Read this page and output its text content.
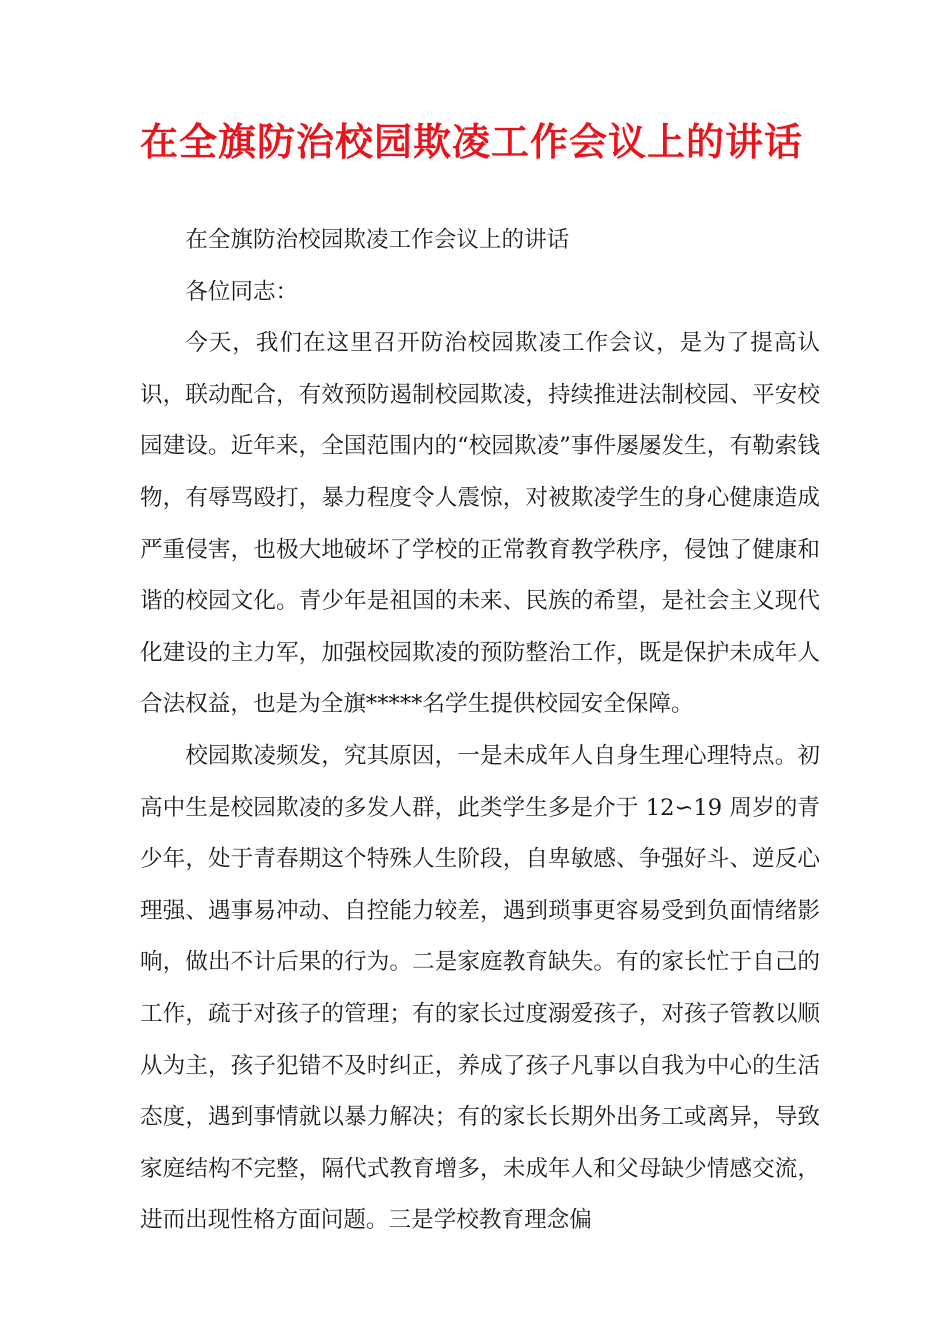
在全旗防治校园欺凌工作会议上的讲话

在全旗防治校园欺凌工作会议上的讲话

各位同志：

今天，我们在这里召开防治校园欺凌工作会议，是为了提高认识，联动配合，有效预防遏制校园欺凌，持续推进法制校园、平安校园建设。近年来，全国范围内的“校园欺凌”事件屡屡发生，有勒索钱物，有辱骂殴打，暴力程度令人震惊，对被欺凌学生的身心健康造成严重侵害，也极大地破坏了学校的正常教育教学秩序，侵蚀了健康和谐的校园文化。青少年是祖国的未来、民族的希望，是社会主义现代化建设的主力军，加强校园欺凌的预防整治工作，既是保护未成年人合法权益，也是为全旗*****名学生提供校园安全保障。

校园欺凌频发，究其原因，一是未成年人自身生理心理特点。初高中生是校园欺凌的多发人群，此类学生多是介于 12∽19 周岁的青少年，处于青春期这个特殊人生阶段，自卑敏感、争强好斗、逆反心理强、遇事易冲动、自控能力较差，遇到琐事更容易受到负面情绪影响，做出不计后果的行为。二是家庭教育缺失。有的家长忙于自己的工作，疏于对孩子的管理；有的家长过度溺爱孩子，对孩子管教以顺从为主，孩子犯错不及时纠正，养成了孩子凡事以自我为中心的生活态度，遇到事情就以暴力解决；有的家长长期外出务工或离异，导致家庭结构不完整，隔代式教育增多，未成年人和父母缺少情感交流，进而出现性格方面问题。三是学校教育理念偏
